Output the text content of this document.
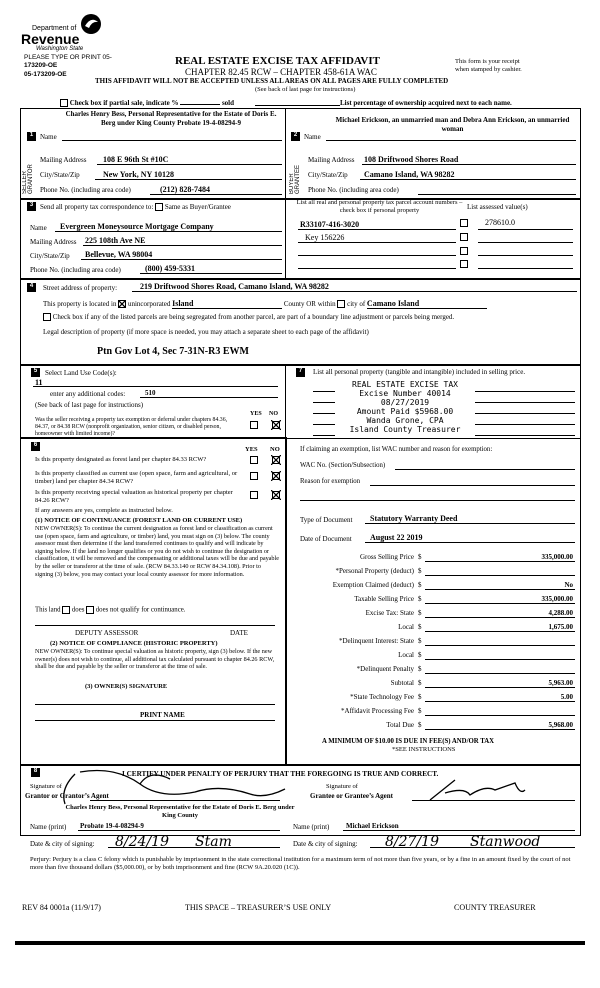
Department of
Revenue
Washington State
PLEASE TYPE OR PRINT 05-
173209-OE
05-173209-OE
REAL ESTATE EXCISE TAX AFFIDAVIT
CHAPTER 82.45 RCW – CHAPTER 458-61A WAC
THIS AFFIDAVIT WILL NOT BE ACCEPTED UNLESS ALL AREAS ON ALL PAGES ARE FULLY COMPLETED
(See back of last page for instructions)
This form is your receipt
when stamped by cashier.
Check box if partial sale, indicate %	sold	List percentage of ownership acquired next to each name.
1
SELLER GRANTOR
Name
Charles Henry Bess, Personal Representative for the Estate of Doris E. Berg under King County Probate 19-4-08294-9
Mailing Address 108 E 96th St #10C
City/State/Zip	New York, NY 10128
Phone No. (including area code)	(212) 828-7484
2
BUYER GRANTEE
Name
Michael Erickson, an unmarried man and Debra Ann Erickson, an unmarried woman
Mailing Address 108 Driftwood Shores Road
City/State/Zip Camano Island, WA 98282
Phone No. (including area code)
3 Send all property tax correspondence to: Same as Buyer/Grantee
Name Evergreen Moneysource Mortgage Company
Mailing Address 225 108th Ave NE
City/State/Zip Bellevue, WA 98004
Phone No. (including area code)	(800) 459-5331
List all real and personal property tax parcel account numbers – check box if personal property	List assessed value(s)
R33107-416-3020	278610.0
Key 156226
4	Street address of property:	219 Driftwood Shores Road, Camano Island, WA 98282
This property is located in unincorporated Island	County OR within city of Camano Island
Check box if any of the listed parcels are being segregated from another parcel, are part of a boundary line adjustment or parcels being merged.
Legal description of property (if more space is needed, you may attach a separate sheet to each page of the affidavit)
Ptn Gov Lot 4, Sec 7-31N-R3 EWM
5	Select Land Use Code(s):
11
enter any additional codes:	510
(See back of last page for instructions)
YES NO
Was the seller receiving a property tax exemption or deferral under chapters 84.36, 84.37, or 84.38 RCW (nonprofit organization, senior citizen, or disabled person, homeowner with limited income)?
6
YES NO
Is this property designated as forest land per chapter 84.33 RCW?
Is this property classified as current use (open space, farm and agricultural, or timber) land per chapter 84.34 RCW?
Is this property receiving special valuation as historical property per chapter 84.26 RCW?
If any answers are yes, complete as instructed below.
(1) NOTICE OF CONTINUANCE (FOREST LAND OR CURRENT USE)
NEW OWNER(S): To continue the current designation as forest land or classification as current use (open space, farm and agriculture, or timber) land, you must sign on (3) below. The county assessor must then determine if the land transferred continues to qualify and will indicate by signing below. If the land no longer qualifies or you do not wish to continue the designation or classification, it will be removed and the compensating or additional taxes will be due and payable by the seller or transferor at the time of sale. (RCW 84.33.140 or RCW 84.34.108). Prior to signing (3) below, you may contact your local county assessor for more information.
This land does does not qualify for continuance.
DEPUTY ASSESSOR	DATE
(2) NOTICE OF COMPLIANCE (HISTORIC PROPERTY)
NEW OWNER(S): To continue special valuation as historic property, sign (3) below. If the new owner(s) does not wish to continue, all additional tax calculated pursuant to chapter 84.26 RCW, shall be due and payable by the seller or transferor at the time of sale.
(3) OWNER(S) SIGNATURE
PRINT NAME
7	List all personal property (tangible and intangible) included in selling price.
REAL ESTATE EXCISE TAX
Excise Number 40014
08/27/2019
Amount Paid $5968.00
Wanda Grone, CPA
Island County Treasurer
If claiming an exemption, list WAC number and reason for exemption:
WAC No. (Section/Subsection)
Reason for exemption
Type of Document Statutory Warranty Deed
Date of Document August 22 2019
Gross Selling Price $	335,000.00
*Personal Property (deduct) $
Exemption Claimed (deduct) $	No
Taxable Selling Price $	335,000.00
Excise Tax: State $	4,288.00
Local $	1,675.00
*Delinquent Interest: State $
Local $
*Delinquent Penalty $
Subtotal $	5,963.00
*State Technology Fee $	5.00
*Affidavit Processing Fee $
Total Due $	5,968.00
A MINIMUM OF $10.00 IS DUE IN FEE(S) AND/OR TAX
*SEE INSTRUCTIONS
8	I CERTIFY UNDER PENALTY OF PERJURY THAT THE FOREGOING IS TRUE AND CORRECT.
Signature of
Grantor or Grantor’s Agent
Signature of
Grantee or Grantee’s Agent
Charles Henry Bess, Personal Representative for the Estate of Doris E. Berg under King County
Name (print) Probate 19-4-08294-9	Name (print) Michael Erickson
Date & city of signing: 8/24/19 Stam	Date & city of signing: 8/27/19 Stanwood
Perjury: Perjury is a class C felony which is punishable by imprisonment in the state correctional institution for a maximum term of not more than five years, or by a fine in an amount fixed by the court of not more than five thousand dollars ($5,000.00), or by both imprisonment and fine (RCW 9A.20.020 (1C)).
REV 84 0001a (11/9/17)	THIS SPACE – TREASURER’S USE ONLY	COUNTY TREASURER
